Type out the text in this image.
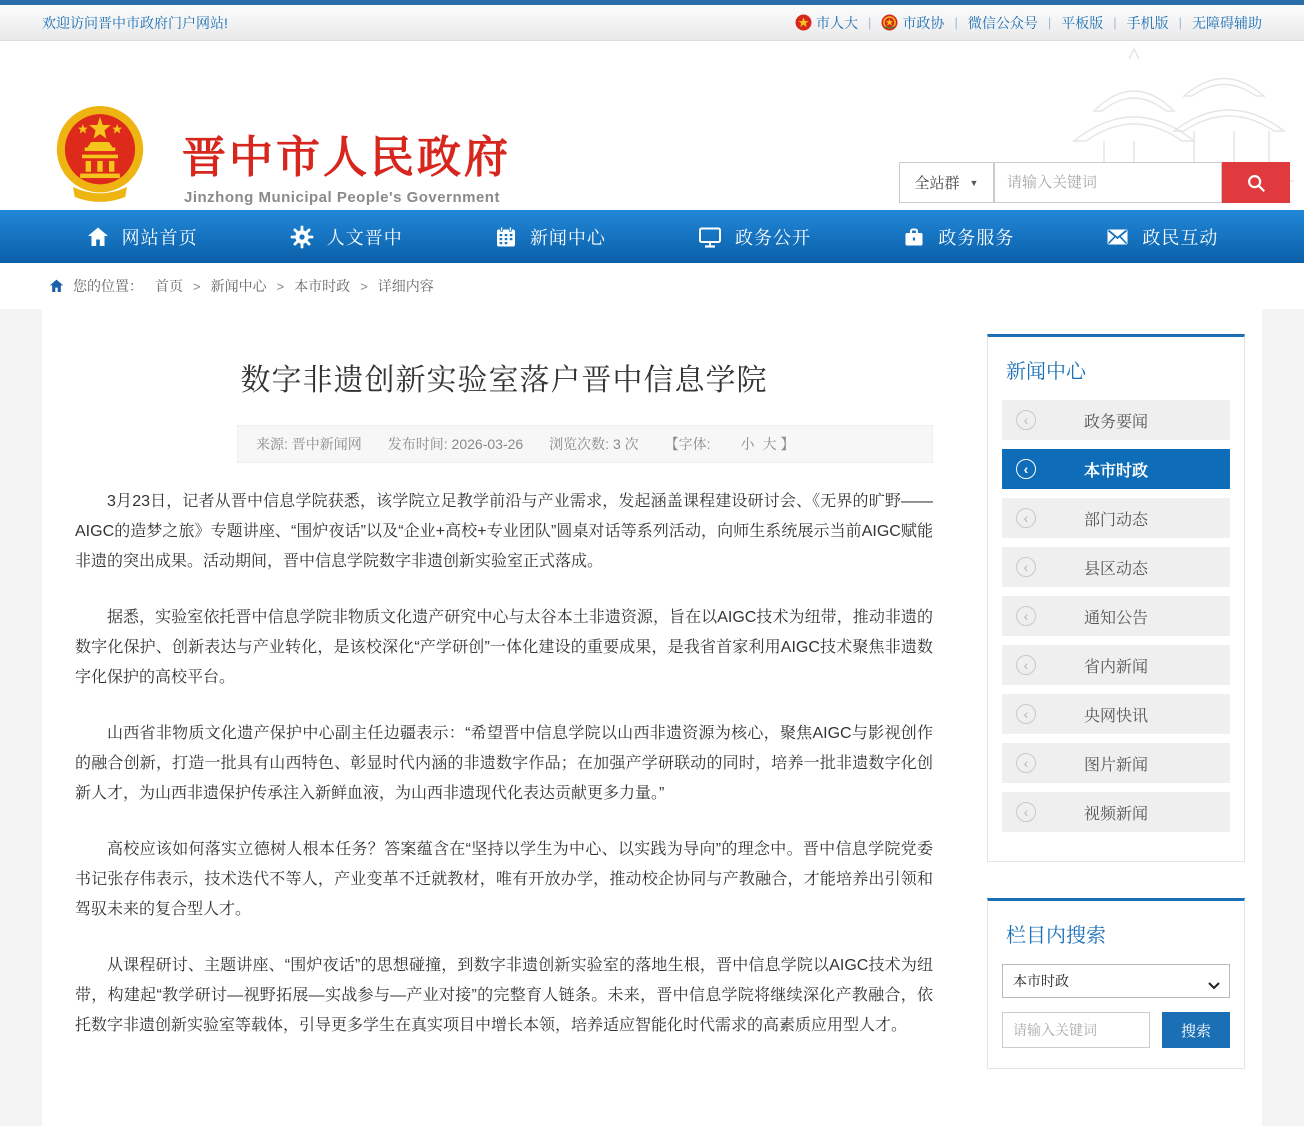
欢迎访问晋中市政府门户网站!	市人大 | 市政协 | 微信公众号 | 平板版 | 手机版 | 无障碍辅助
晋中市人民政府
Jinzhong Municipal People's Government
全站群 ▼
请输入关键词
网站首页	人文晋中	新闻中心	政务公开	政务服务	政民互动
您的位置： 首页 > 新闻中心 > 本市时政 > 详细内容
数字非遗创新实验室落户晋中信息学院
来源: 晋中新闻网 发布时间: 2026-03-26 浏览次数: 3 次 【字体: 小 大 】

3月23日，记者从晋中信息学院获悉，该学院立足教学前沿与产业需求，发起涵盖课程建设研讨会、《无界的旷野——AIGC的造梦之旅》专题讲座、“围炉夜话”以及“企业+高校+专业团队”圆桌对话等系列活动，向师生系统展示当前AIGC赋能非遗的突出成果。活动期间，晋中信息学院数字非遗创新实验室正式落成。

据悉，实验室依托晋中信息学院非物质文化遗产研究中心与太谷本土非遗资源，旨在以AIGC技术为纽带，推动非遗的数字化保护、创新表达与产业转化，是该校深化“产学研创”一体化建设的重要成果，是我省首家利用AIGC技术聚焦非遗数字化保护的高校平台。

山西省非物质文化遗产保护中心副主任边疆表示：“希望晋中信息学院以山西非遗资源为核心，聚焦AIGC与影视创作的融合创新，打造一批具有山西特色、彰显时代内涵的非遗数字作品；在加强产学研联动的同时，培养一批非遗数字化创新人才，为山西非遗保护传承注入新鲜血液，为山西非遗现代化表达贡献更多力量。”

高校应该如何落实立德树人根本任务？答案蕴含在“坚持以学生为中心、以实践为导向”的理念中。晋中信息学院党委书记张存伟表示，技术迭代不等人，产业变革不迁就教材，唯有开放办学，推动校企协同与产教融合，才能培养出引领和驾驭未来的复合型人才。

从课程研讨、主题讲座、“围炉夜话”的思想碰撞，到数字非遗创新实验室的落地生根，晋中信息学院以AIGC技术为纽带，构建起“教学研讨—视野拓展—实战参与—产业对接”的完整育人链条。未来，晋中信息学院将继续深化产教融合，依托数字非遗创新实验室等载体，引导更多学生在真实项目中增长本领，培养适应智能化时代需求的高素质应用型人才。

新闻中心
‹	政务要闻
‹	本市时政
‹	部门动态
‹	县区动态
‹	通知公告
‹	省内新闻
‹	央网快讯
‹	图片新闻
‹	视频新闻
栏目内搜索
本市时政
请输入关键词
搜索
